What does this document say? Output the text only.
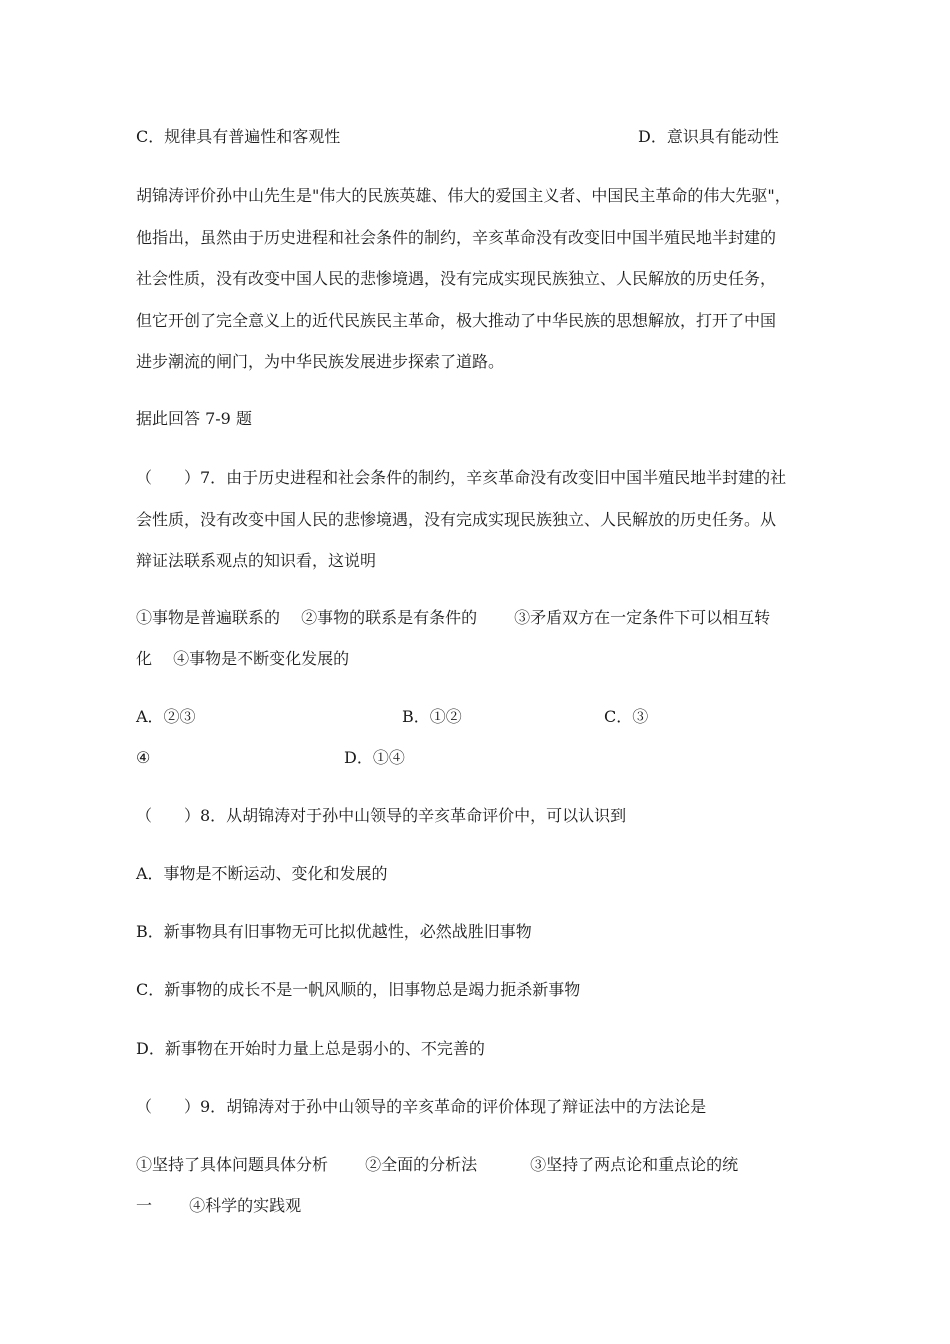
C．规律具有普遍性和客观性	D．意识具有能动性
胡锦涛评价孙中山先生是"伟大的民族英雄、伟大的爱国主义者、中国民主革命的伟大先驱"，
他指出，虽然由于历史进程和社会条件的制约，辛亥革命没有改变旧中国半殖民地半封建的
社会性质，没有改变中国人民的悲惨境遇，没有完成实现民族独立、人民解放的历史任务，
但它开创了完全意义上的近代民族民主革命，极大推动了中华民族的思想解放，打开了中国
进步潮流的闸门，为中华民族发展进步探索了道路。
据此回答 7-9 题
（　　）7．由于历史进程和社会条件的制约，辛亥革命没有改变旧中国半殖民地半封建的社
会性质，没有改变中国人民的悲惨境遇，没有完成实现民族独立、人民解放的历史任务。从
辩证法联系观点的知识看，这说明
①事物是普遍联系的　 ②事物的联系是有条件的　　 ③矛盾双方在一定条件下可以相互转
化　 ④事物是不断变化发展的
A．②③	B．①②	C．③
④	D．①④
（　　）8．从胡锦涛对于孙中山领导的辛亥革命评价中，可以认识到
A．事物是不断运动、变化和发展的
B．新事物具有旧事物无可比拟优越性，必然战胜旧事物
C．新事物的成长不是一帆风顺的，旧事物总是竭力扼杀新事物
D．新事物在开始时力量上总是弱小的、不完善的
（　　）9．胡锦涛对于孙中山领导的辛亥革命的评价体现了辩证法中的方法论是
①坚持了具体问题具体分析　　 ②全面的分析法　　　 ③坚持了两点论和重点论的统
一　　 ④科学的实践观
